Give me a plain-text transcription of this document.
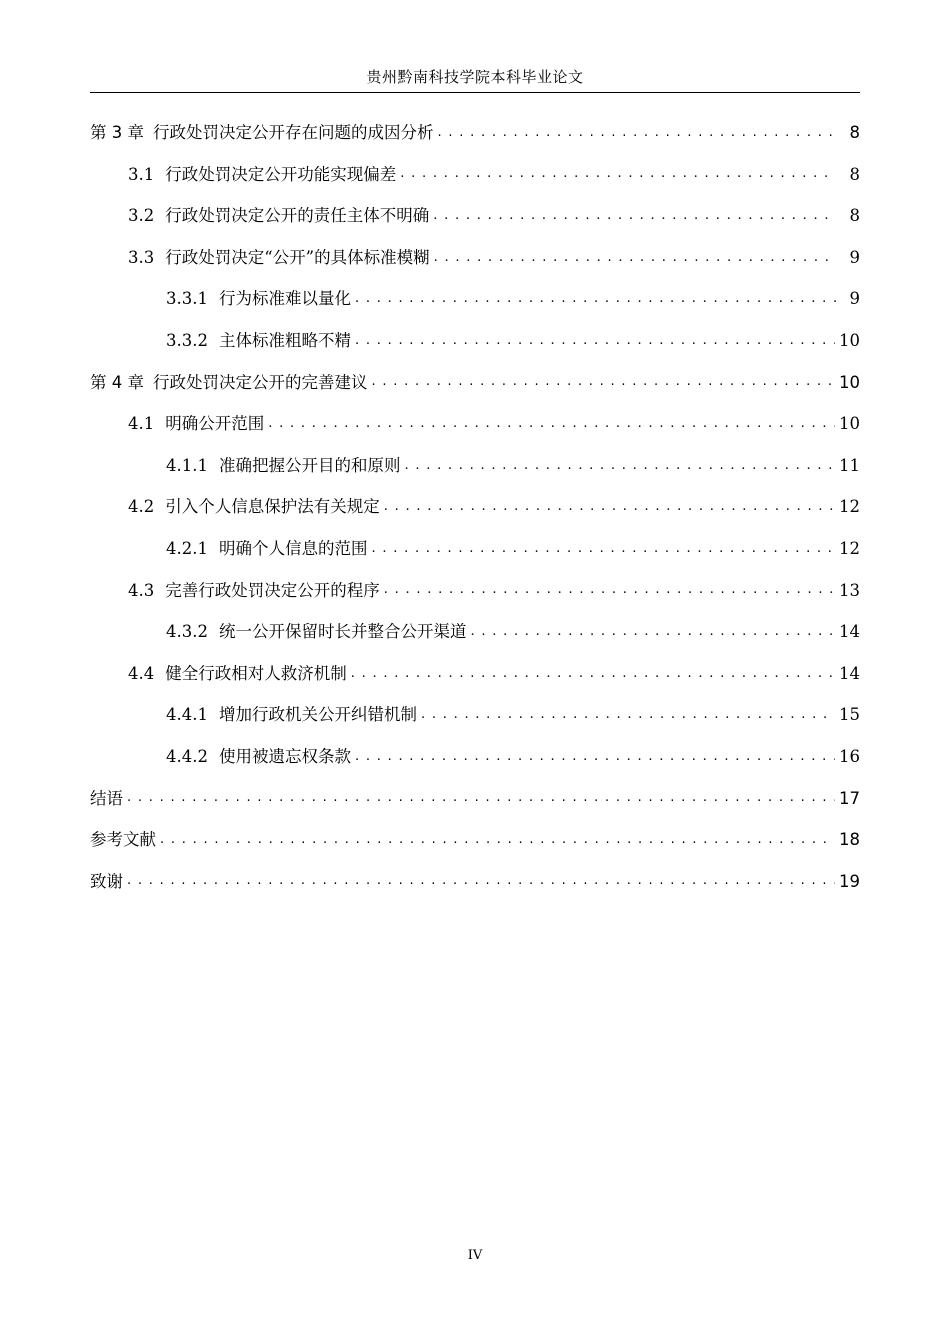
贵州黔南科技学院本科毕业论文
第 3 章 行政处罚决定公开存在问题的成因分析 . . .	8
3.1 行政处罚决定公开功能实现偏差 . . .	8
3.2 行政处罚决定公开的责任主体不明确 . . .	8
3.3 行政处罚决定“公开”的具体标准模糊 . . .	9
3.3.1 行为标准难以量化 . . .	9
3.3.2 主体标准粗略不精 . . .	10
第 4 章 行政处罚决定公开的完善建议 . . .	10
4.1 明确公开范围 . . .	10
4.1.1 准确把握公开目的和原则 . . .	11
4.2 引入个人信息保护法有关规定 . . .	12
4.2.1 明确个人信息的范围 . . .	12
4.3 完善行政处罚决定公开的程序 . . .	13
4.3.2 统一公开保留时长并整合公开渠道 . . .	14
4.4 健全行政相对人救济机制 . . .	14
4.4.1 增加行政机关公开纠错机制 . . .	15
4.4.2 使用被遗忘权条款 . . .	16
结语 . . .	17
参考文献 . . .	18
致谢 . . .	19
IV
